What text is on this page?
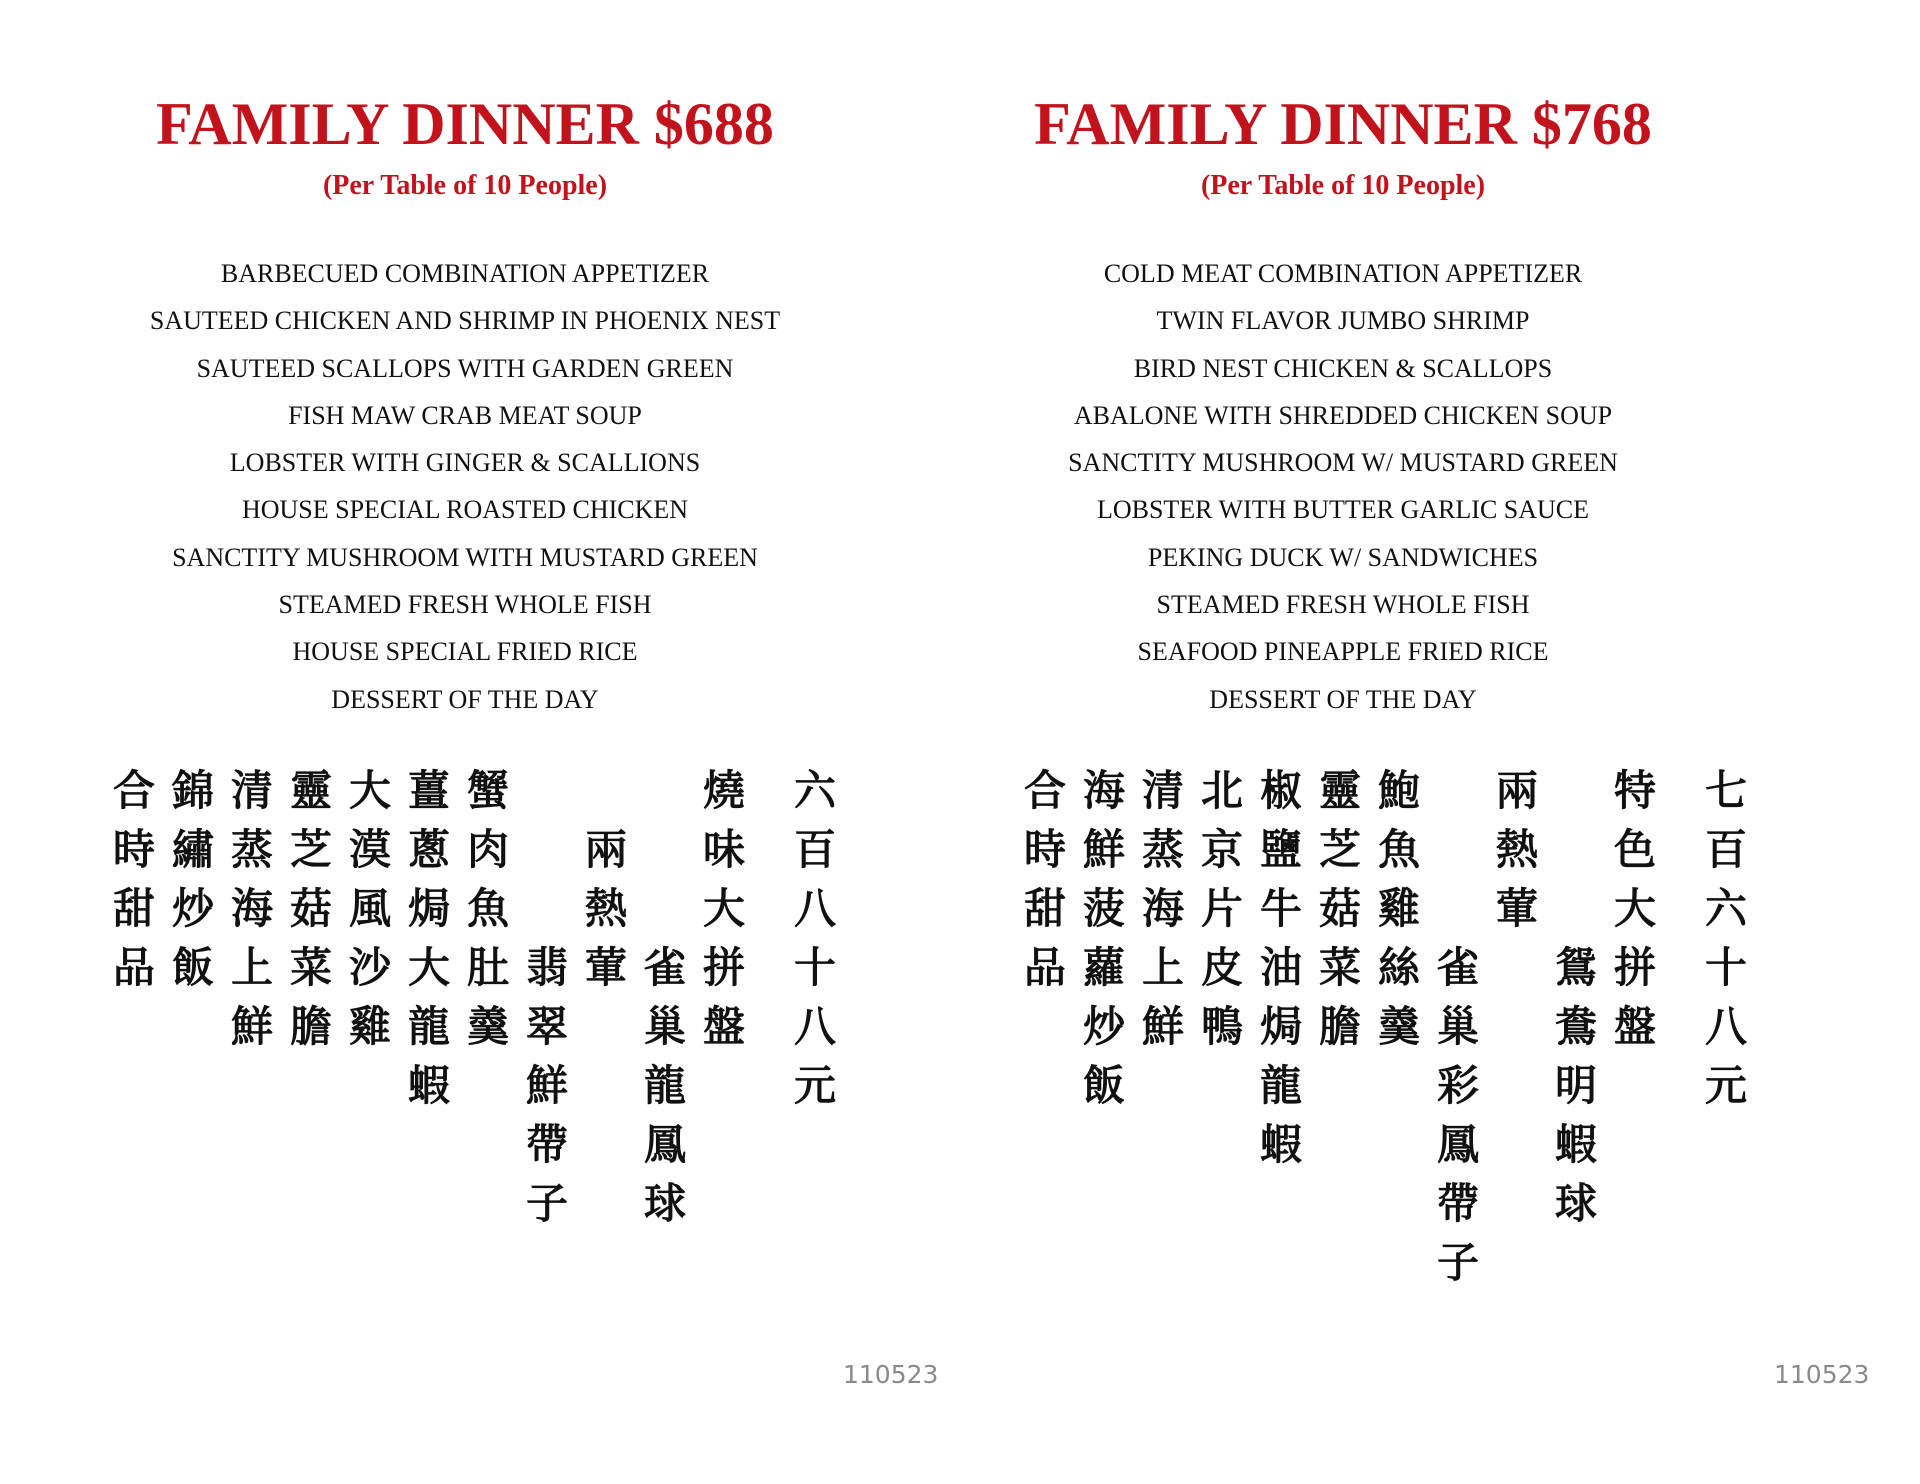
FAMILY DINNER $688
(Per Table of 10 People)
BARBECUED COMBINATION APPETIZER
SAUTEED CHICKEN AND SHRIMP IN PHOENIX NEST
SAUTEED SCALLOPS WITH GARDEN GREEN
FISH MAW CRAB MEAT SOUP
LOBSTER WITH GINGER & SCALLIONS
HOUSE SPECIAL ROASTED CHICKEN
SANCTITY MUSHROOM WITH MUSTARD GREEN
STEAMED FRESH WHOLE FISH
HOUSE SPECIAL FRIED RICE
DESSERT OF THE DAY
六百八十八元
燒味大拼盤
　　　雀巢龍鳳球
　兩熱葷
　　　翡翠鮮帶子
蟹肉魚肚羹
薑蔥焗大龍蝦
大漠風沙雞
靈芝菇菜膽
清蒸海上鮮
錦繡炒飯
合時甜品
FAMILY DINNER $768
(Per Table of 10 People)
COLD MEAT COMBINATION APPETIZER
TWIN FLAVOR JUMBO SHRIMP
BIRD NEST CHICKEN & SCALLOPS
ABALONE WITH SHREDDED CHICKEN SOUP
SANCTITY MUSHROOM W/ MUSTARD GREEN
LOBSTER WITH BUTTER GARLIC SAUCE
PEKING DUCK W/ SANDWICHES
STEAMED FRESH WHOLE FISH
SEAFOOD PINEAPPLE FRIED RICE
DESSERT OF THE DAY
七百六十八元
特色大拼盤
　　　鴛鴦明蝦球
兩熱葷
　　　雀巢彩鳳帶子
鮑魚雞絲羹
靈芝菇菜膽
椒鹽牛油焗龍蝦
北京片皮鴨
清蒸海上鮮
海鮮菠蘿炒飯
合時甜品
110523	110523
